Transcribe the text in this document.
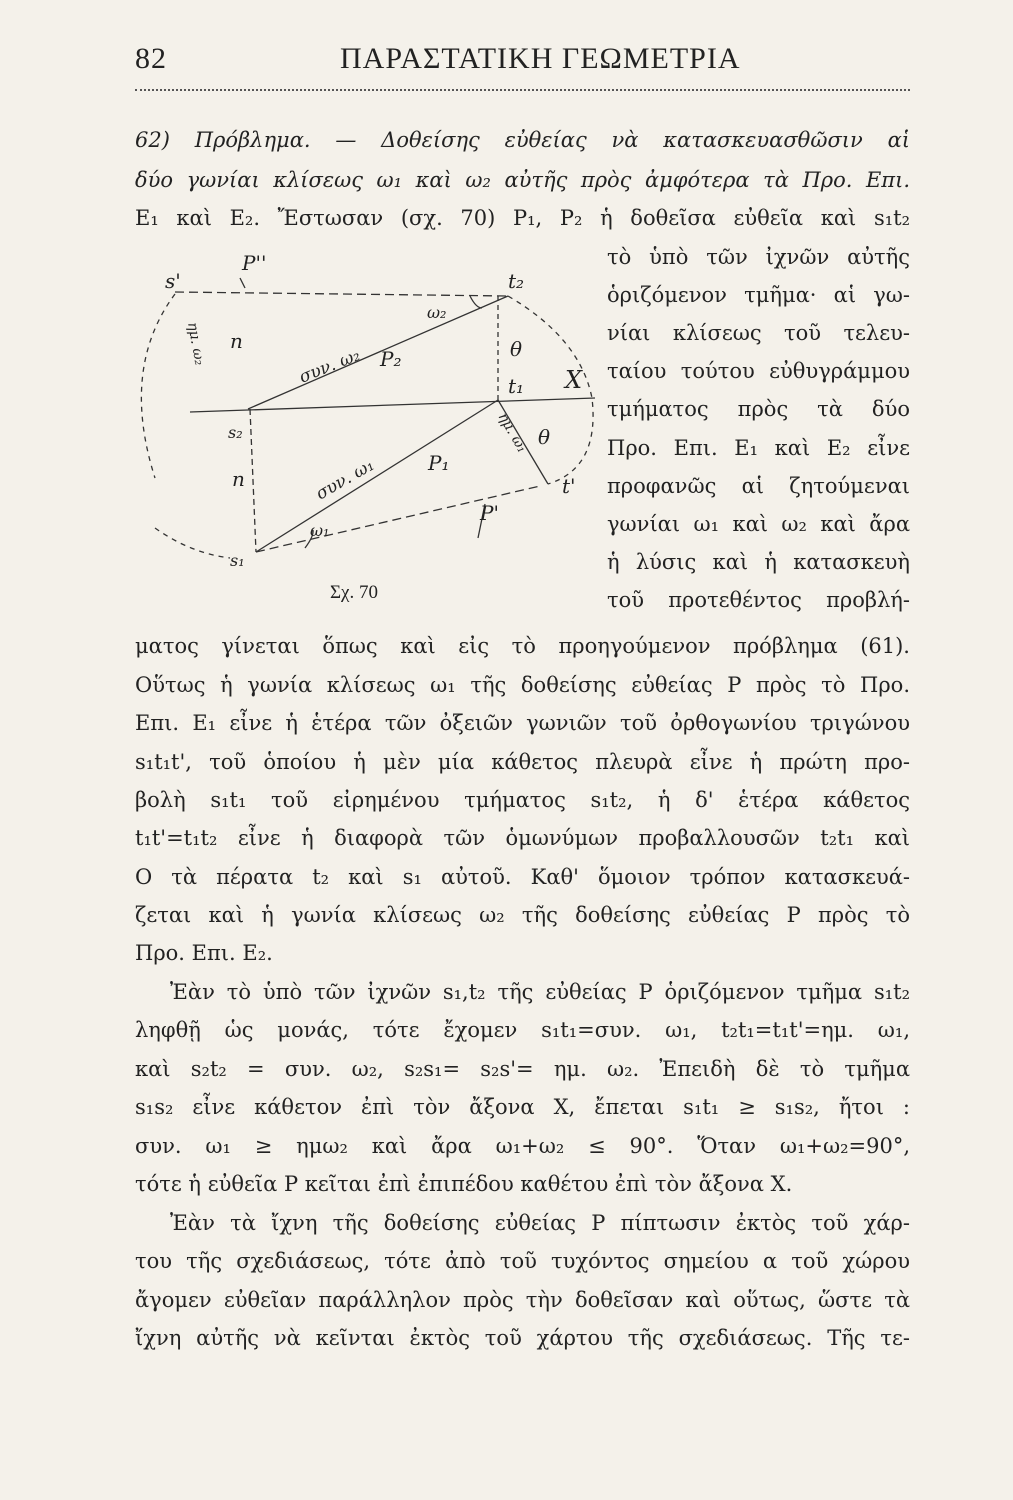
82	ΠΑΡΑΣΤΑΤΙΚΗ ΓΕΩΜΕΤΡΙΑ
s'
P''
t₂
ω₂
n
συν. ω₂ P₂	θ
t₁ X
s₂
n	συν. ω₁	P₁
θ
t'
ω₁
P'
s₁
ημ. ω₂
ημ. ω₁
Σχ. 70
62) Πρόβλημα. — Δοθείσης εὐθείας νὰ κατασκευασθῶσιν αἱ
δύο γωνίαι κλίσεως ω₁ καὶ ω₂ αὐτῆς πρὸς ἀμφότερα τὰ Προ. Επι.
E₁ καὶ E₂. Ἔστωσαν (σχ. 70) P₁, P₂ ἡ δοθεῖσα εὐθεῖα καὶ s₁t₂
τὸ ὑπὸ τῶν ἰχνῶν αὐτῆς
ὁριζόμενον τμῆμα· αἱ γω-
νίαι κλίσεως τοῦ τελευ-
ταίου τούτου εὐθυγράμμου
τμήματος πρὸς τὰ δύο
Προ. Επι. E₁ καὶ E₂ εἶνε
προφανῶς αἱ ζητούμεναι
γωνίαι ω₁ καὶ ω₂ καὶ ἄρα
ἡ λύσις καὶ ἡ κατασκευὴ
τοῦ προτεθέντος προβλή-
ματος γίνεται ὅπως καὶ εἰς τὸ προηγούμενον πρόβλημα (61).
Οὕτως ἡ γωνία κλίσεως ω₁ τῆς δοθείσης εὐθείας P πρὸς τὸ Προ.
Επι. E₁ εἶνε ἡ ἑτέρα τῶν ὀξειῶν γωνιῶν τοῦ ὀρθογωνίου τριγώνου
s₁t₁t', τοῦ ὁποίου ἡ μὲν μία κάθετος πλευρὰ εἶνε ἡ πρώτη προ-
βολὴ s₁t₁ τοῦ εἰρημένου τμήματος s₁t₂, ἡ δ' ἑτέρα κάθετος
t₁t'=t₁t₂ εἶνε ἡ διαφορὰ τῶν ὁμωνύμων προβαλλουσῶν t₂t₁ καὶ
O τὰ πέρατα t₂ καὶ s₁ αὐτοῦ. Καθ' ὅμοιον τρόπον κατασκευά-
ζεται καὶ ἡ γωνία κλίσεως ω₂ τῆς δοθείσης εὐθείας P πρὸς τὸ
Προ. Επι. E₂.
Ἐὰν τὸ ὑπὸ τῶν ἰχνῶν s₁,t₂ τῆς εὐθείας P ὁριζόμενον τμῆμα s₁t₂
ληφθῇ ὡς μονάς, τότε ἔχομεν s₁t₁=συν. ω₁, t₂t₁=t₁t'=ημ. ω₁,
καὶ s₂t₂ = συν. ω₂, s₂s₁= s₂s'= ημ. ω₂. Ἐπειδὴ δὲ τὸ τμῆμα
s₁s₂ εἶνε κάθετον ἐπὶ τὸν ἄξονα X, ἔπεται s₁t₁ ≥ s₁s₂, ἤτοι :
συν. ω₁ ≥ ημω₂ καὶ ἄρα ω₁+ω₂ ≤ 90°. Ὅταν ω₁+ω₂=90°,
τότε ἡ εὐθεῖα P κεῖται ἐπὶ ἐπιπέδου καθέτου ἐπὶ τὸν ἄξονα X.
Ἐὰν τὰ ἴχνη τῆς δοθείσης εὐθείας P πίπτωσιν ἐκτὸς τοῦ χάρ-
του τῆς σχεδιάσεως, τότε ἀπὸ τοῦ τυχόντος σημείου α τοῦ χώρου
ἄγομεν εὐθεῖαν παράλληλον πρὸς τὴν δοθεῖσαν καὶ οὕτως, ὥστε τὰ
ἴχνη αὐτῆς νὰ κεῖνται ἐκτὸς τοῦ χάρτου τῆς σχεδιάσεως. Τῆς τε-
